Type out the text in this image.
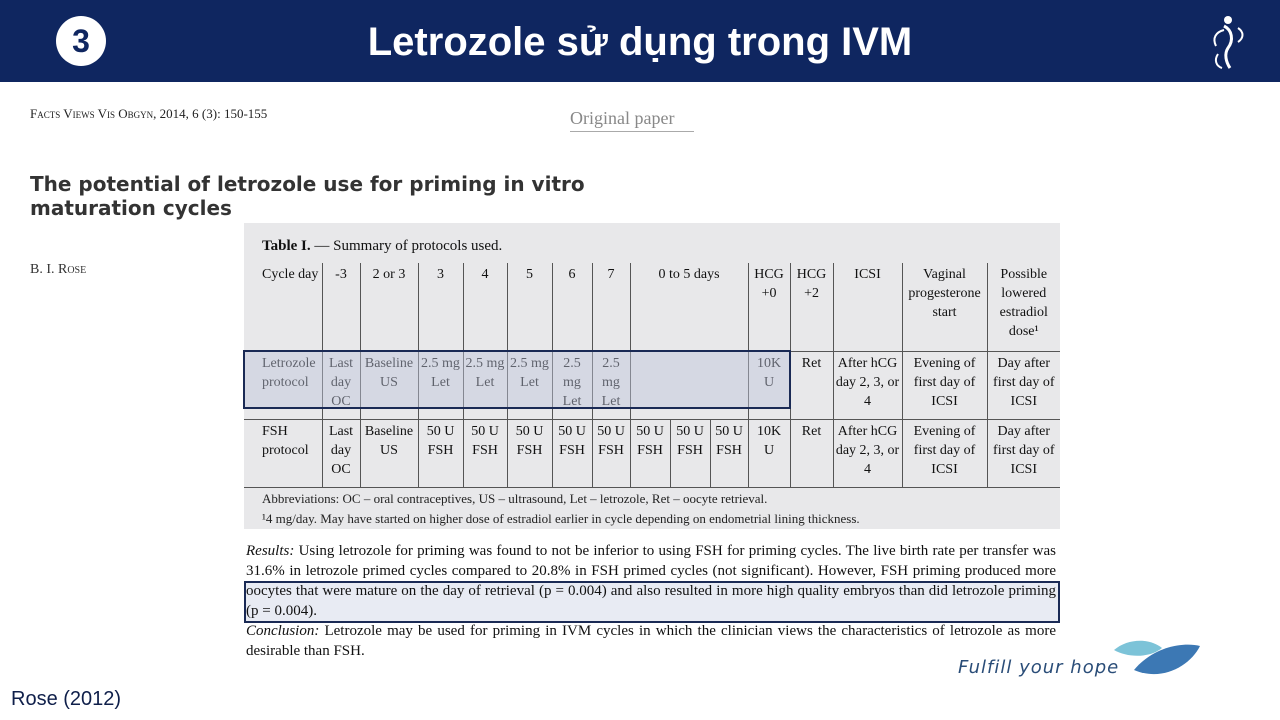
Letrozole sử dụng trong IVM
3
Facts Views Vis Obgyn, 2014, 6 (3): 150-155	Original paper
The potential of letrozole use for priming in vitro maturation cycles
B. I. Rose
Table I. — Summary of protocols used.
Cycle day	-3	2 or 3	3	4	5	6	7	0 to 5 days			HCG +0	HCG +2	ICSI	Vaginal progesterone start	Possible lowered estradiol dose¹
Letrozole protocol	Last day OC	Baseline US	2.5 mg Let	2.5 mg Let	2.5 mg Let	2.5 mg Let	2.5 mg Let				10K U	Ret	After hCG day 2, 3, or 4	Evening of first day of ICSI	Day after first day of ICSI
FSH protocol	Last day OC	Baseline US	50 U FSH	50 U FSH	50 U FSH	50 U FSH	50 U FSH	50 U FSH	50 U FSH	50 U FSH	10K U	Ret	After hCG day 2, 3, or 4	Evening of first day of ICSI	Day after first day of ICSI
Abbreviations: OC – oral contraceptives, US – ultrasound, Let – letrozole, Ret – oocyte retrieval.
¹4 mg/day. May have started on higher dose of estradiol earlier in cycle depending on endometrial lining thickness.
Results: Using letrozole for priming was found to not be inferior to using FSH for priming cycles. The live birth rate per transfer was 31.6% in letrozole primed cycles compared to 20.8% in FSH primed cycles (not significant). However, FSH priming produced more oocytes that were mature on the day of retrieval (p = 0.004) and also resulted in more high quality embryos than did letrozole priming (p = 0.004).
Conclusion: Letrozole may be used for priming in IVM cycles in which the clinician views the characteristics of letrozole as more desirable than FSH.
Fulfill your hope
Rose (2012)
